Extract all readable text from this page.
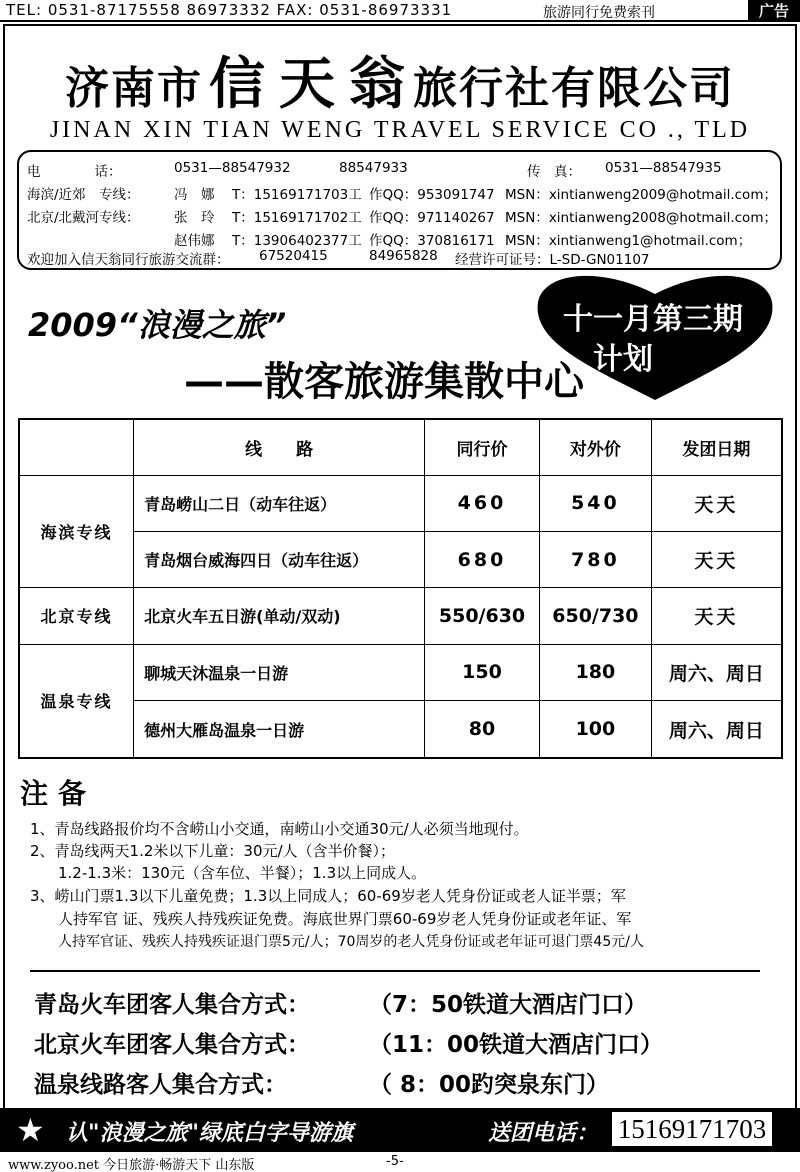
TEL: 0531-87175558 86973332 FAX: 0531-86973331	旅游同行免费索刊	广告
济南市 信 天 翁 旅行社有限公司
JINAN XIN TIAN WENG TRAVEL SERVICE CO ., TLD
电　　　　话：	0531—88547932	88547933	传　真： 0531—88547935
海滨/近郊　专线：	冯　娜 T：15169171703工 作QQ：953091747 MSN：xintianweng2009@hotmail.com；
北京/北戴河专线：	张　玲 T：15169171702工 作QQ：971140267 MSN：xintianweng2008@hotmail.com；
赵伟娜 T：13906402377工 作QQ：370816171 MSN：xintianweng1@hotmail.com；
欢迎加入信天翁同行旅游交流群： 67520415	84965828 经营许可证号：L-SD-GN01107
2009“浪漫之旅”
——散客旅游集散中心
十一月第三期
计划
	线　　路	同行价	对外价	发团日期
海滨专线	青岛崂山二日（动车往返）	460	540	天天
	青岛烟台威海四日（动车往返）	680	780	天天
北京专线	北京火车五日游(单动/双动)	550/630	650/730	天天
温泉专线	聊城天沐温泉一日游	150	180	周六、周日
	德州大雁岛温泉一日游	80	100	周六、周日
注备
1、青岛线路报价均不含崂山小交通，南崂山小交通30元/人必须当地现付。
2、青岛线两天1.2米以下儿童：30元/人（含半价餐）；
1.2-1.3米：130元（含车位、半餐）；1.3以上同成人。
3、崂山门票1.3以下儿童免费；1.3以上同成人；60-69岁老人凭身份证或老人证半票；军
人持军官 证、残疾人持残疾证免费。海底世界门票60-69岁老人凭身份证或老年证、军
人持军官证、残疾人持残疾证退门票5元/人；70周岁的老人凭身份证或老年证可退门票45元/人
青岛火车团客人集合方式：	（7：50铁道大酒店门口）
北京火车团客人集合方式：	（11：00铁道大酒店门口）
温泉线路客人集合方式：	（ 8：00趵突泉东门）
★ 认"浪漫之旅"绿底白字导游旗	送团电话： 15169171703
www.zyoo.net 今日旅游·畅游天下 山东版	-5-
